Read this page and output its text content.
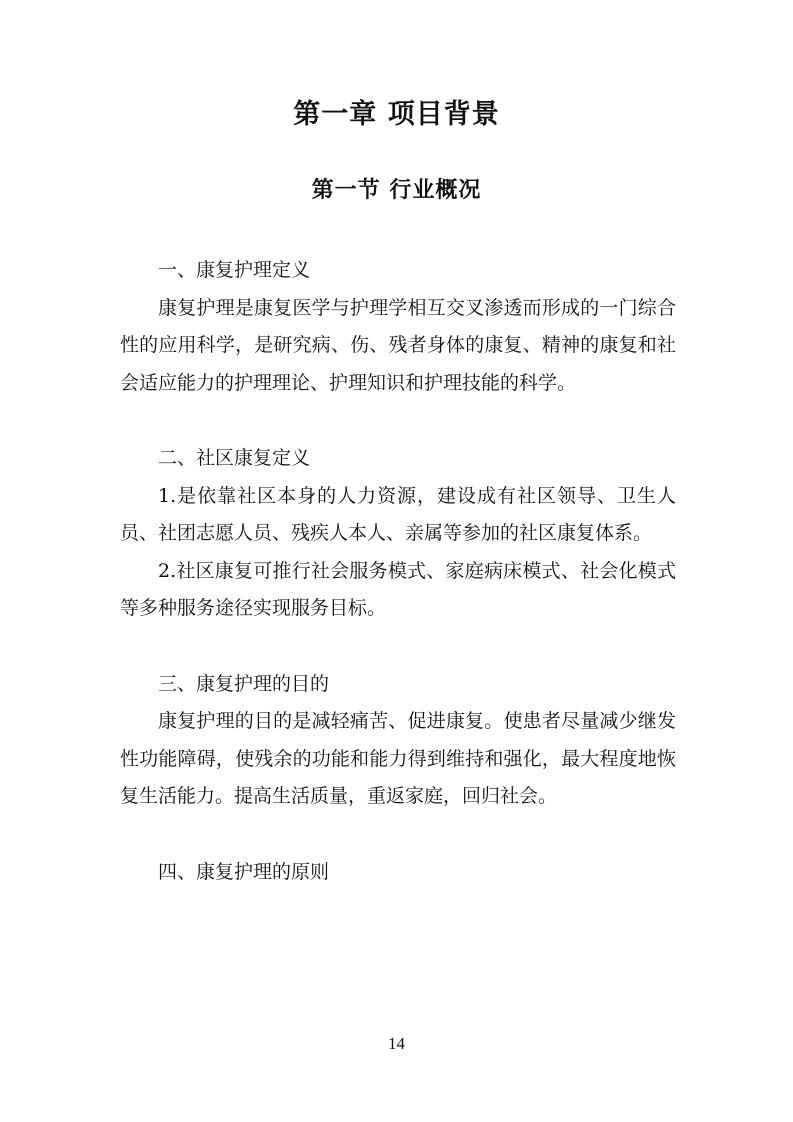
第一章 项目背景
第一节 行业概况

一、康复护理定义

康复护理是康复医学与护理学相互交叉渗透而形成的一门综合性的应用科学，是研究病、伤、残者身体的康复、精神的康复和社会适应能力的护理理论、护理知识和护理技能的科学。

二、社区康复定义

1.是依靠社区本身的人力资源，建设成有社区领导、卫生人员、社团志愿人员、残疾人本人、亲属等参加的社区康复体系。

2.社区康复可推行社会服务模式、家庭病床模式、社会化模式等多种服务途径实现服务目标。

三、康复护理的目的

康复护理的目的是减轻痛苦、促进康复。使患者尽量减少继发性功能障碍，使残余的功能和能力得到维持和强化，最大程度地恢复生活能力。提高生活质量，重返家庭，回归社会。

四、康复护理的原则

14
